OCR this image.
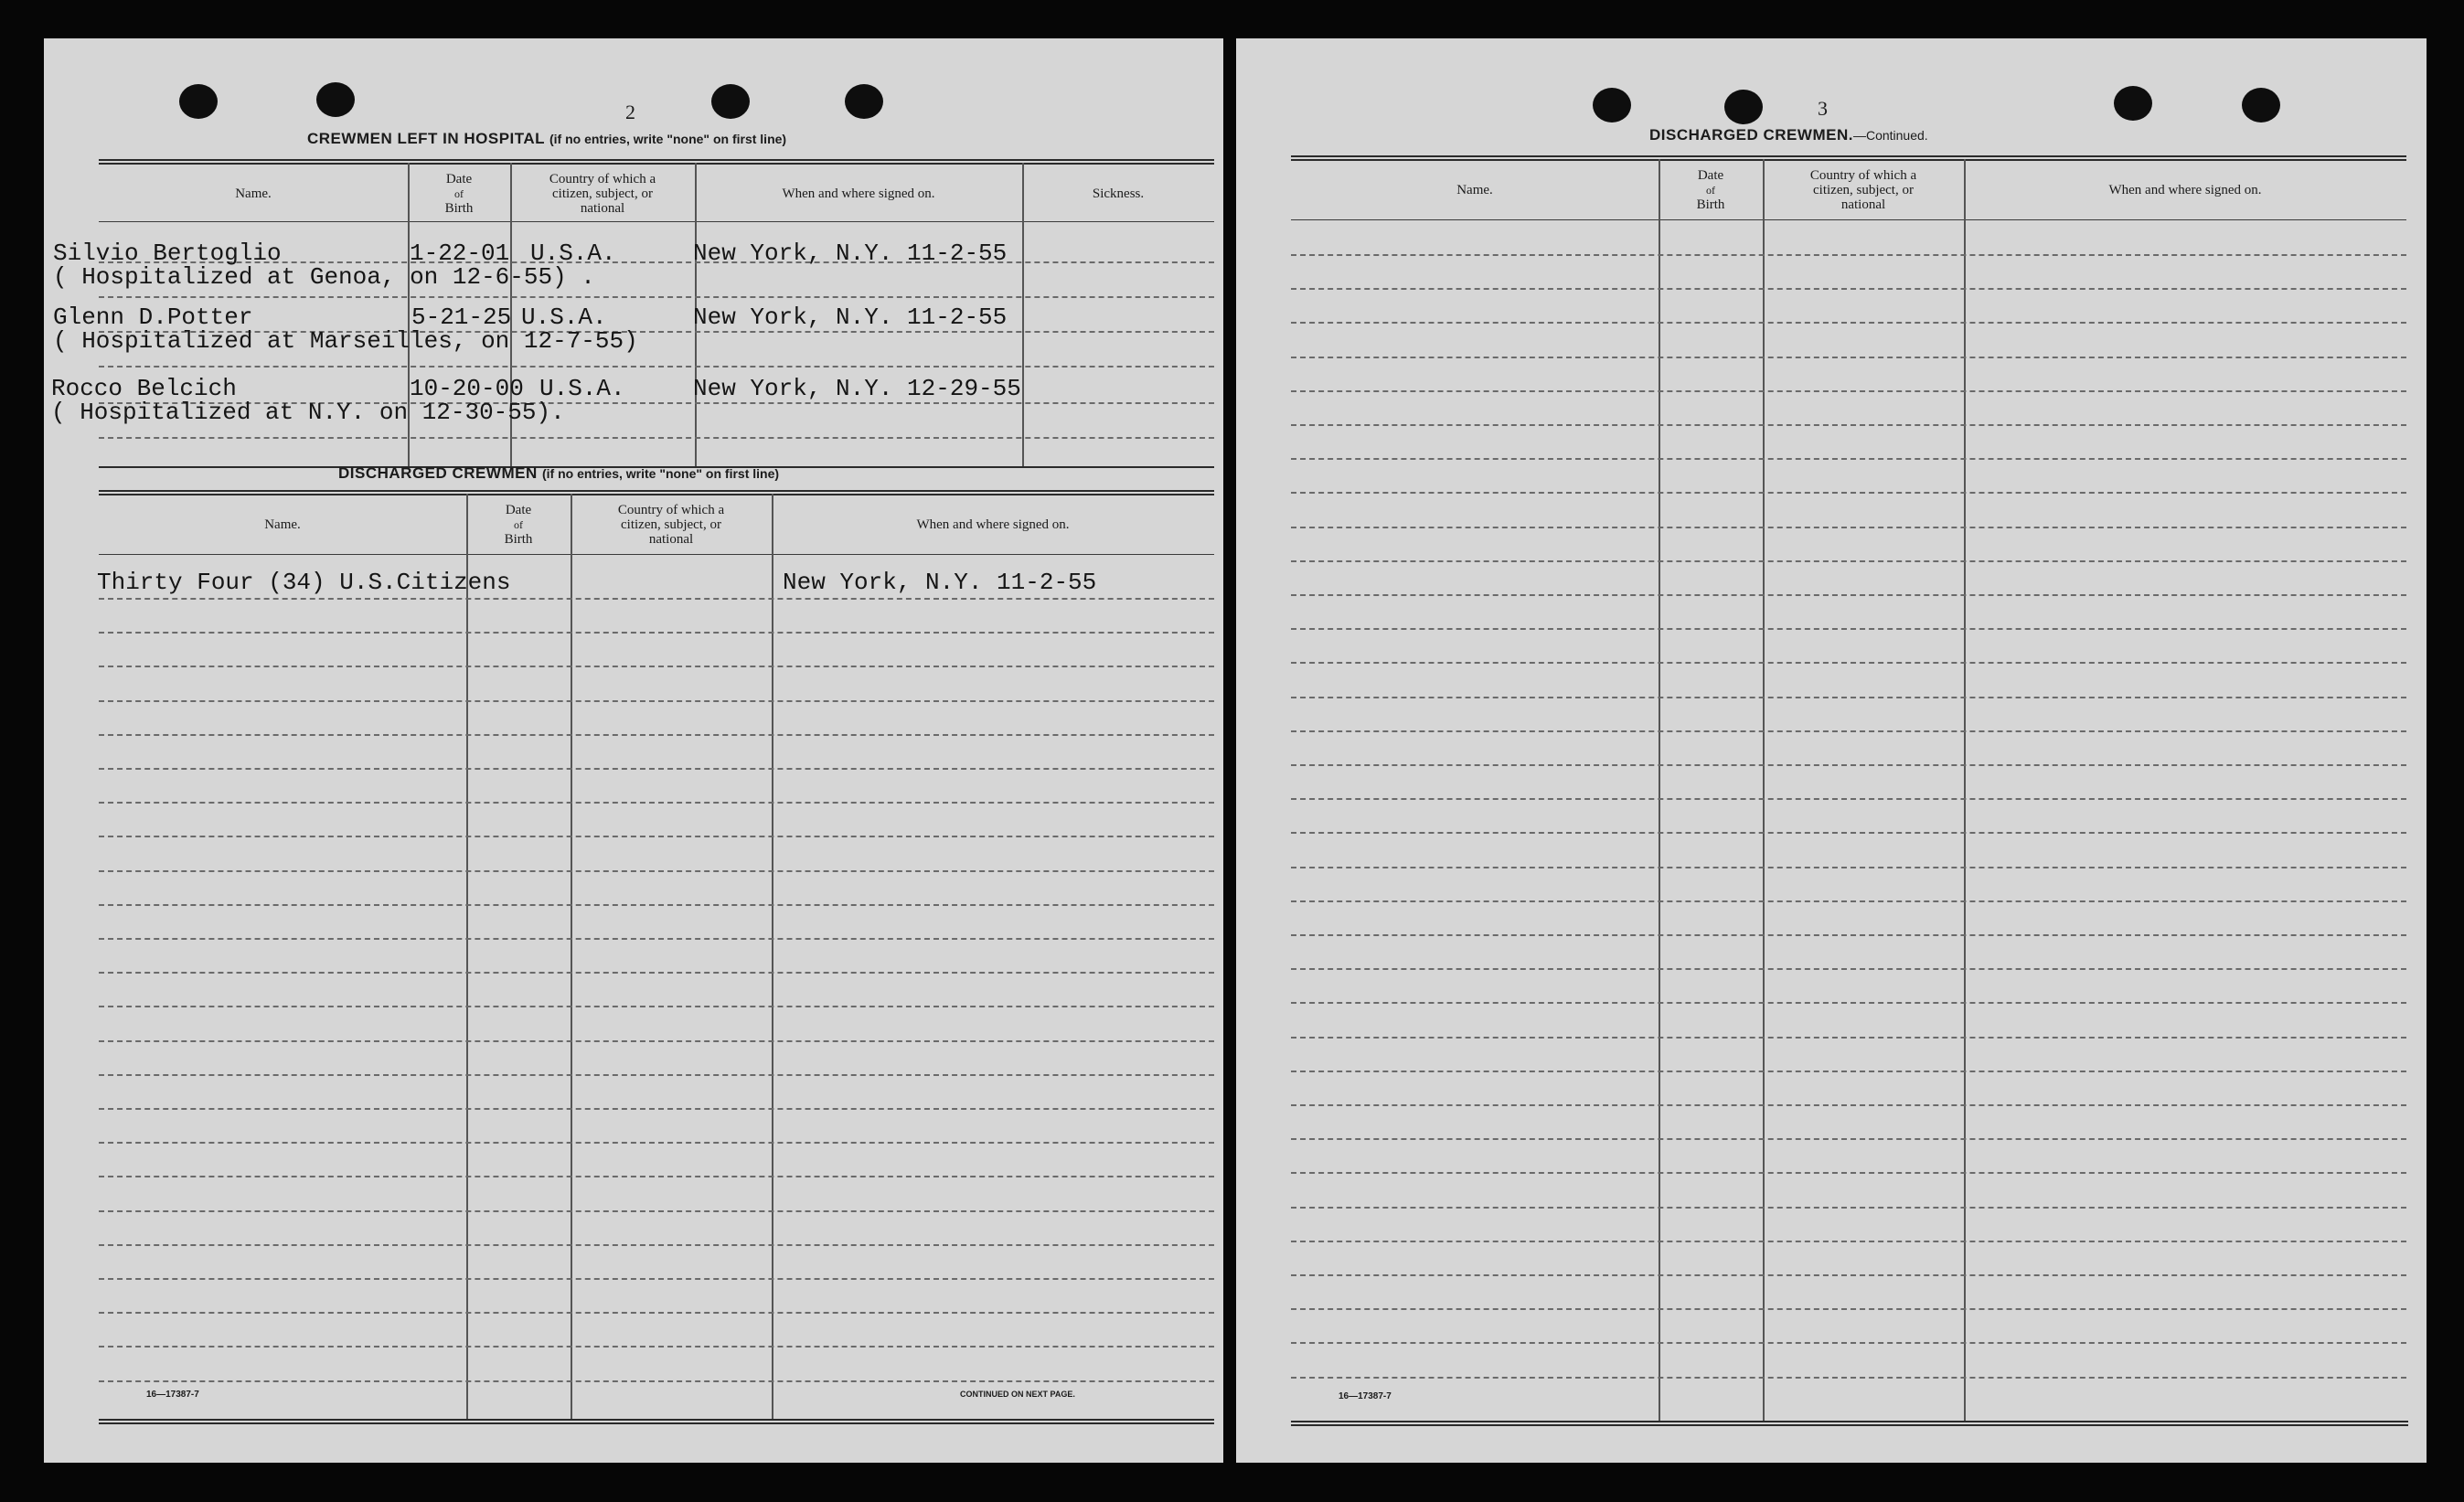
2
CREWMEN LEFT IN HOSPITAL (if no entries, write "none" on first line)
Name.
Date
of
Birth
Country of which a
citizen, subject, or
national
When and where signed on.	Sickness.
Silvio Bertoglio	1-22-01 U.S.A.	New York, N.Y. 11-2-55
( Hospitalized at Genoa, on 12-6-55) .
Glenn D.Potter	5-21-25 U.S.A.	New York, N.Y. 11-2-55
( Hospitalized at Marseilles, on 12-7-55)
Rocco Belcich	10-20-00 U.S.A.	New York, N.Y. 12-29-55
( Hospitalized at N.Y. on 12-30-55).
DISCHARGED CREWMEN (if no entries, write "none" on first line)
Name.
Date
of
Birth
Country of which a
citizen, subject, or
national
When and where signed on.
Thirty Four (34) U.S.Citizens	New York, N.Y. 11-2-55
16—17387-7	CONTINUED ON NEXT PAGE.
3
DISCHARGED CREWMEN.—Continued.
Name.
Date
of
Birth
Country of which a
citizen, subject, or
national
When and where signed on.
16—17387-7
